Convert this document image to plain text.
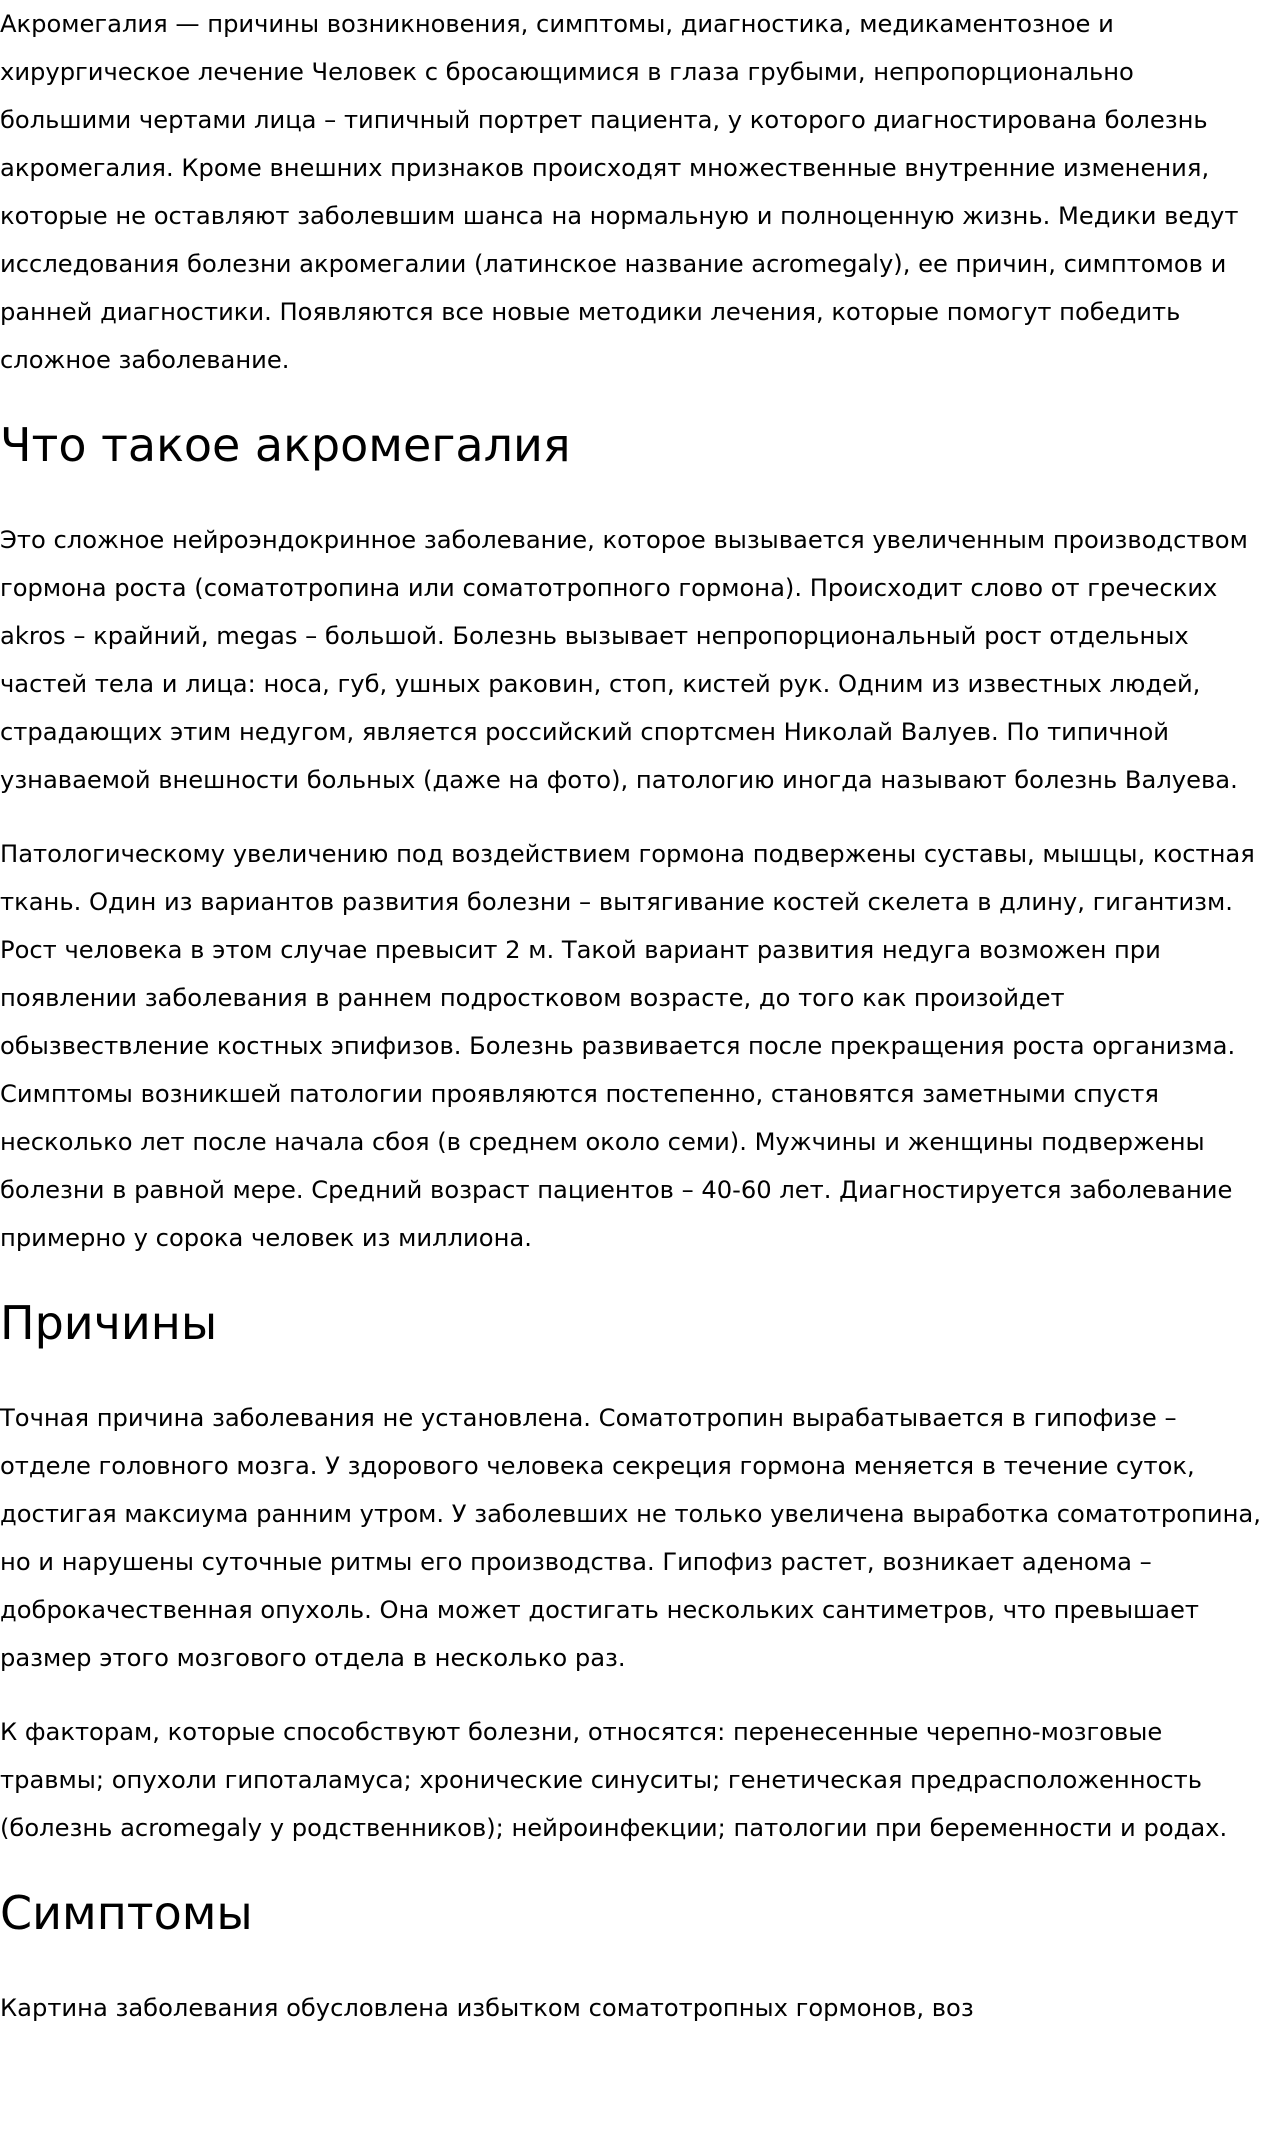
Акромегалия — причины возникновения, симптомы, диагностика, медикаментозное и хирургическое лечение Человек с бросающимися в глаза грубыми, непропорционально большими чертами лица – типичный портрет пациента, у которого диагностирована болезнь акромегалия. Кроме внешних признаков происходят множественные внутренние изменения, которые не оставляют заболевшим шанса на нормальную и полноценную жизнь. Медики ведут исследования болезни акромегалии (латинское название acromegaly), ее причин, симптомов и ранней диагностики. Появляются все новые методики лечения, которые помогут победить сложное заболевание.

Что такое акромегалия

Это сложное нейроэндокринное заболевание, которое вызывается увеличенным производством гормона роста (соматотропина или соматотропного гормона). Происходит слово от греческих akros – крайний, megas – большой. Болезнь вызывает непропорциональный рост отдельных частей тела и лица: носа, губ, ушных раковин, стоп, кистей рук. Одним из известных людей, страдающих этим недугом, является российский спортсмен Николай Валуев. По типичной узнаваемой внешности больных (даже на фото), патологию иногда называют болезнь Валуева.

Патологическому увеличению под воздействием гормона подвержены суставы, мышцы, костная ткань. Один из вариантов развития болезни – вытягивание костей скелета в длину, гигантизм. Рост человека в этом случае превысит 2 м. Такой вариант развития недуга возможен при появлении заболевания в раннем подростковом возрасте, до того как произойдет обызвествление костных эпифизов. Болезнь развивается после прекращения роста организма. Симптомы возникшей патологии проявляются постепенно, становятся заметными спустя несколько лет после начала сбоя (в среднем около семи). Мужчины и женщины подвержены болезни в равной мере. Средний возраст пациентов – 40-60 лет. Диагностируется заболевание примерно у сорока человек из миллиона.

Причины

Точная причина заболевания не установлена. Соматотропин вырабатывается в гипофизе – отделе головного мозга. У здорового человека секреция гормона меняется в течение суток, достигая максиума ранним утром. У заболевших не только увеличена выработка соматотропина, но и нарушены суточные ритмы его производства. Гипофиз растет, возникает аденома – доброкачественная опухоль. Она может достигать нескольких сантиметров, что превышает размер этого мозгового отдела в несколько раз.

К факторам, которые способствуют болезни, относятся: перенесенные черепно-мозговые травмы; опухоли гипоталамуса; хронические синуситы; генетическая предрасположенность (болезнь acromegaly у родственников); нейроинфекции; патологии при беременности и родах.

Симптомы

Картина заболевания обусловлена избытком соматотропных гормонов, воз
